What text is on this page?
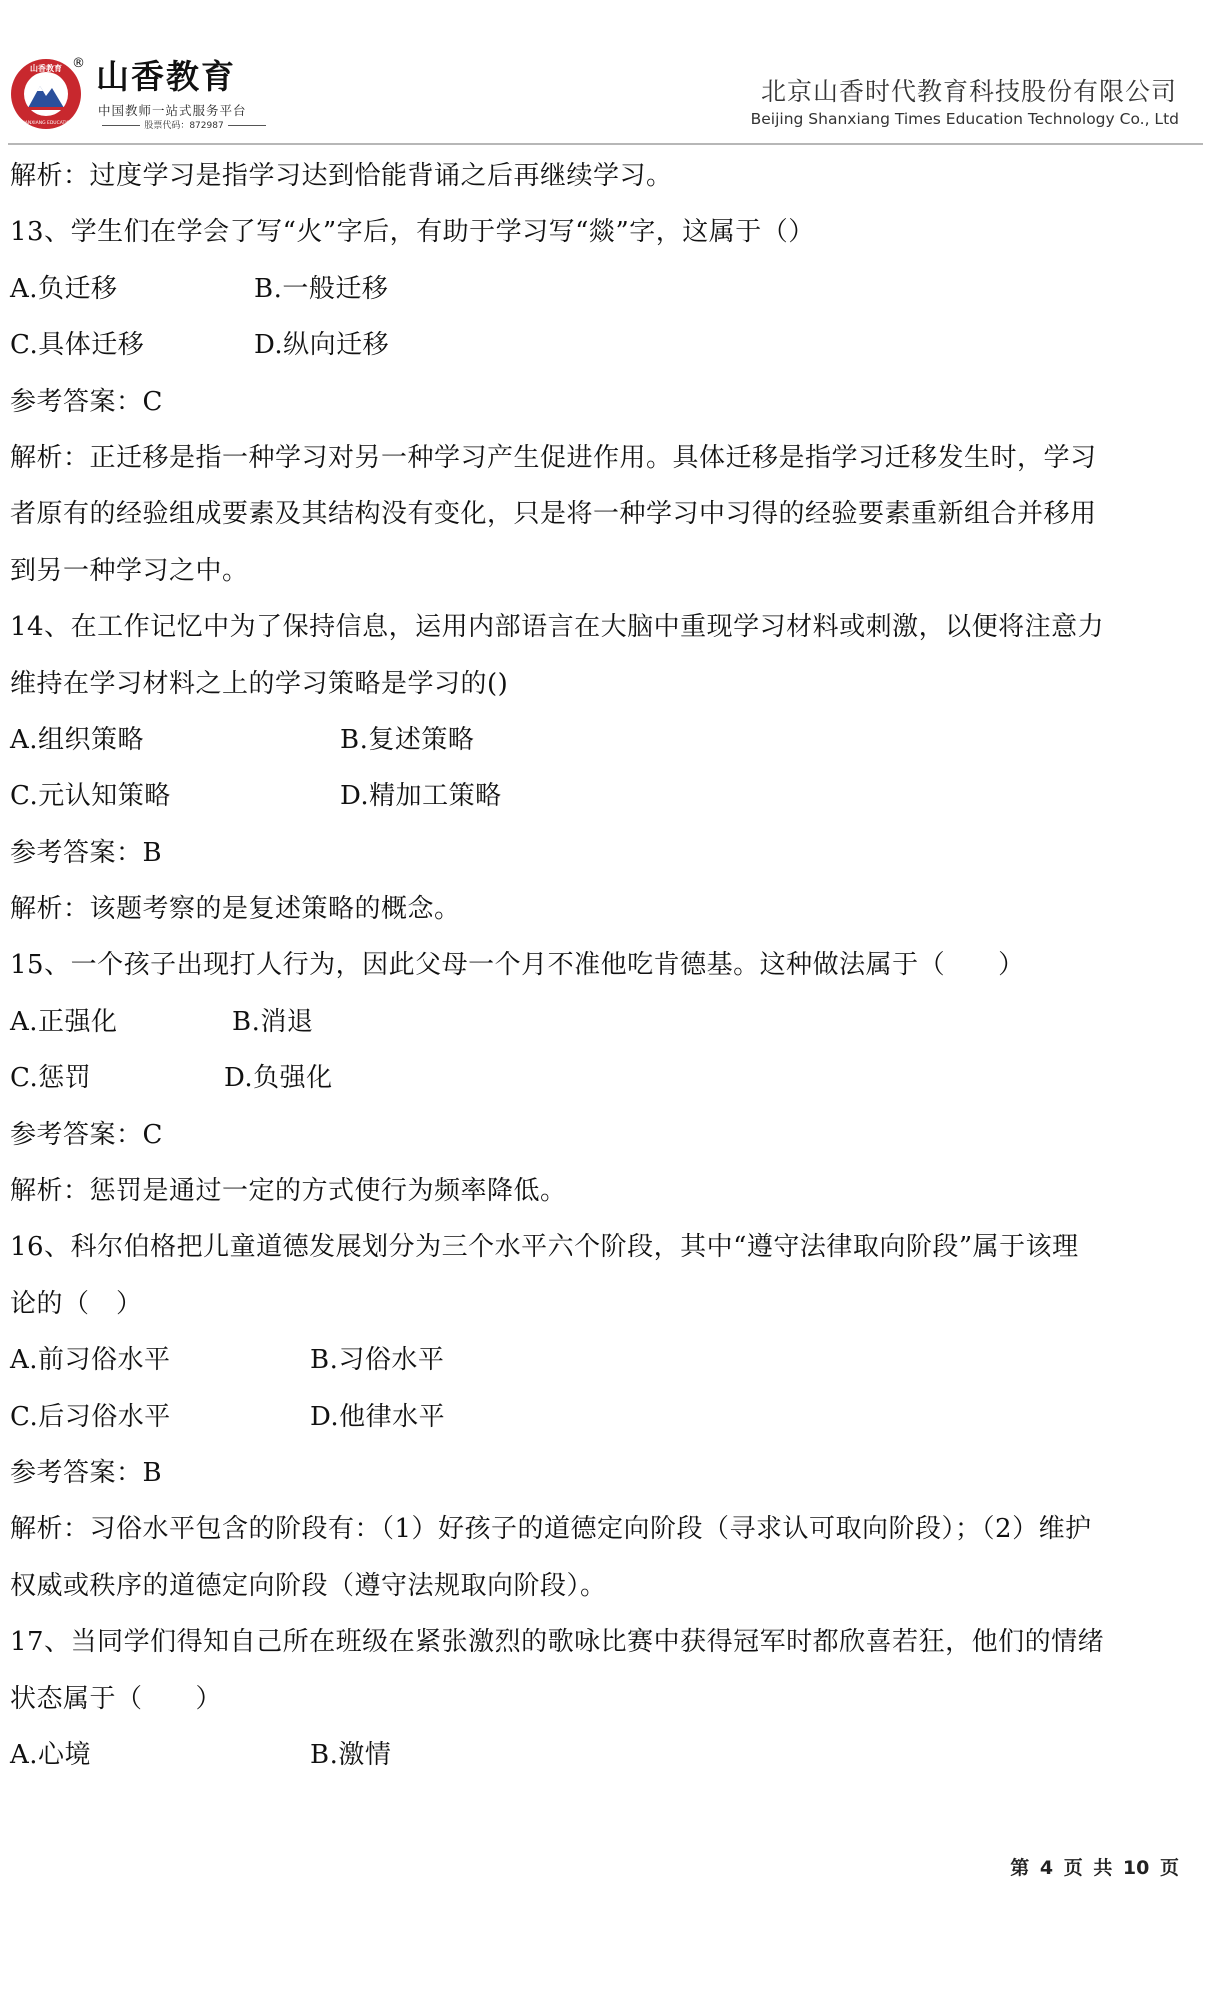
山香教育
SHANXIANG EDUCATION
® 山香教育
中国教师一站式服务平台
股票代码：872987
北京山香时代教育科技股份有限公司
Beijing Shanxiang Times Education Technology Co., Ltd
解析：过度学习是指学习达到恰能背诵之后再继续学习。
13、学生们在学会了写“火”字后，有助于学习写“燚”字，这属于（）
A.负迁移	B.一般迁移
C.具体迁移	D.纵向迁移
参考答案：C
解析：正迁移是指一种学习对另一种学习产生促进作用。具体迁移是指学习迁移发生时，学习
者原有的经验组成要素及其结构没有变化，只是将一种学习中习得的经验要素重新组合并移用
到另一种学习之中。
14、在工作记忆中为了保持信息，运用内部语言在大脑中重现学习材料或刺激，以便将注意力
维持在学习材料之上的学习策略是学习的()
A.组织策略	B.复述策略
C.元认知策略	D.精加工策略
参考答案：B
解析：该题考察的是复述策略的概念。
15、一个孩子出现打人行为，因此父母一个月不准他吃肯德基。这种做法属于（　　）
A.正强化	B.消退
C.惩罚	D.负强化
参考答案：C
解析：惩罚是通过一定的方式使行为频率降低。
16、科尔伯格把儿童道德发展划分为三个水平六个阶段，其中“遵守法律取向阶段”属于该理
论的（　）
A.前习俗水平	B.习俗水平
C.后习俗水平	D.他律水平
参考答案：B
解析：习俗水平包含的阶段有：（1）好孩子的道德定向阶段（寻求认可取向阶段）；（2）维护
权威或秩序的道德定向阶段（遵守法规取向阶段）。
17、当同学们得知自己所在班级在紧张激烈的歌咏比赛中获得冠军时都欣喜若狂，他们的情绪
状态属于（　　）
A.心境	B.激情
第 4 页 共 10 页
